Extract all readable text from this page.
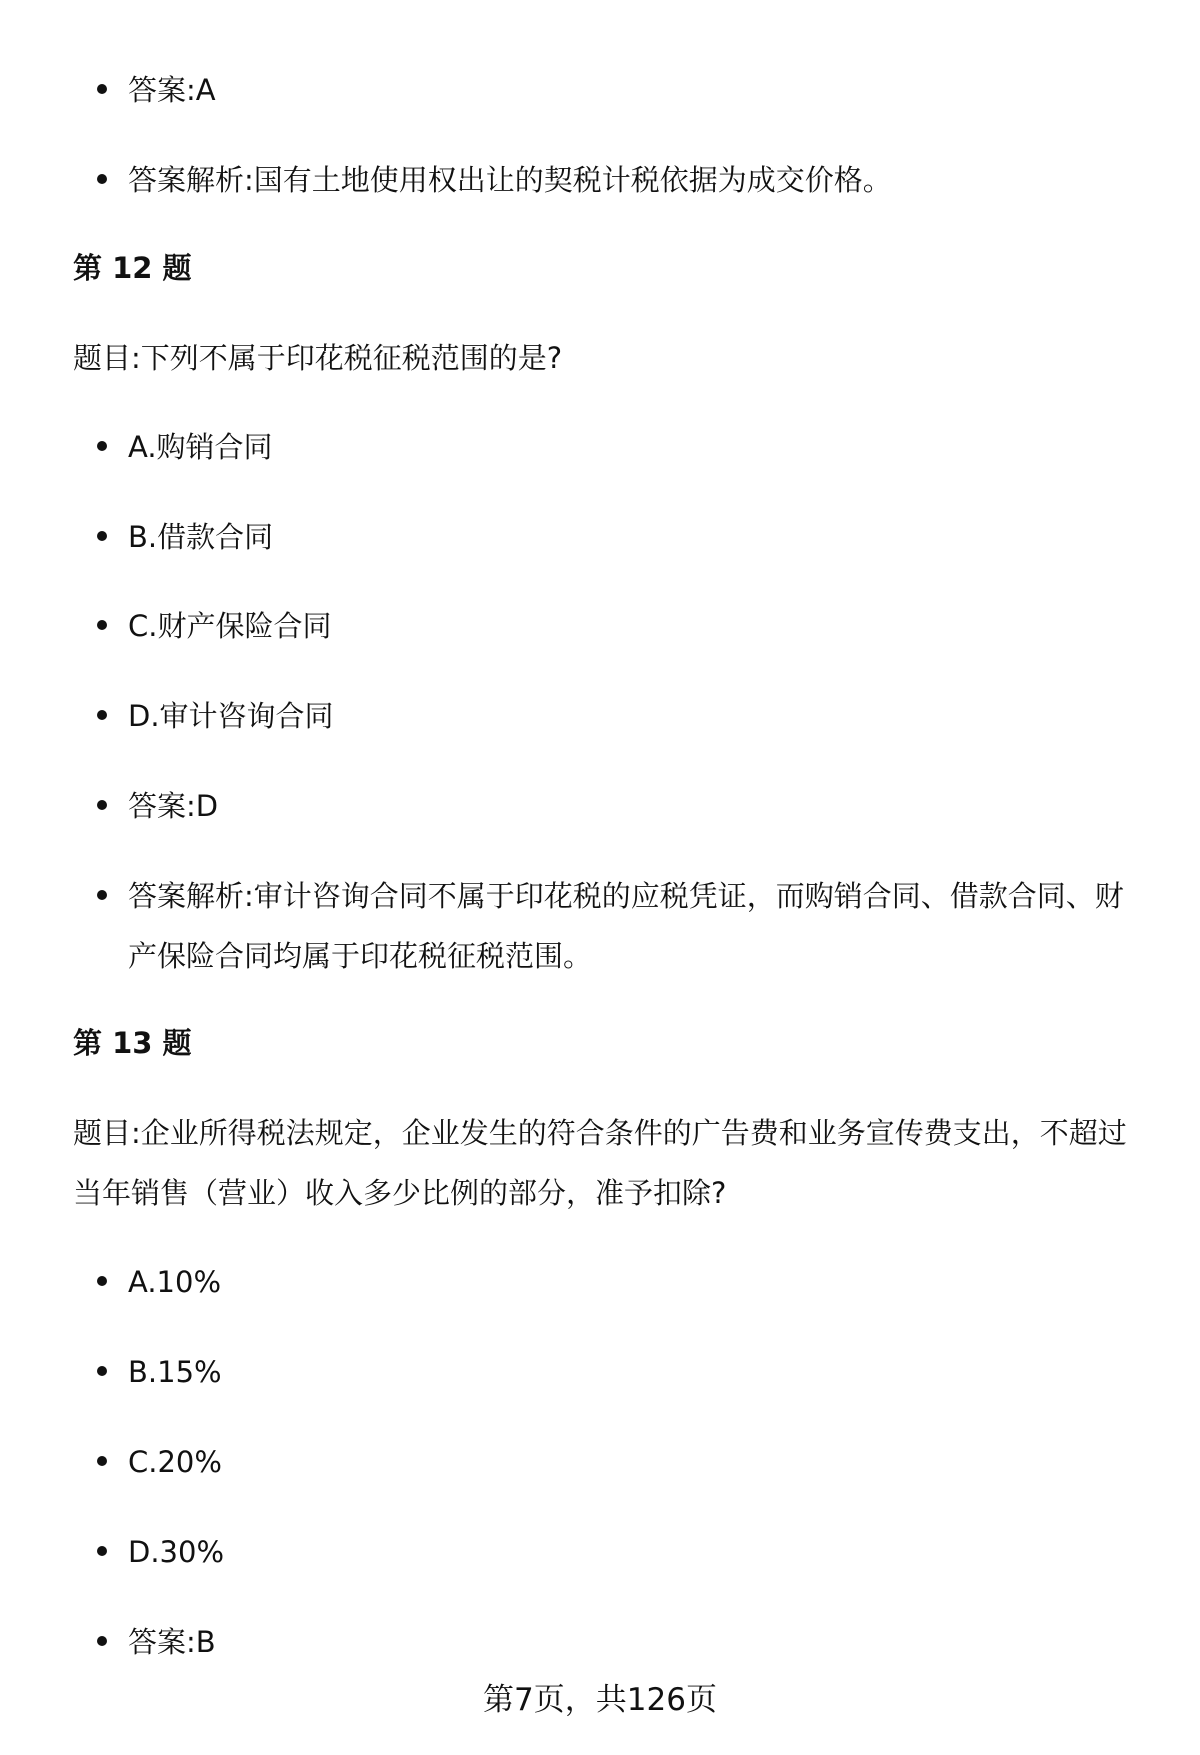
答案:A
答案解析:国有土地使用权出让的契税计税依据为成交价格。
第 12 题
题目:下列不属于印花税征税范围的是?
A.购销合同
B.借款合同
C.财产保险合同
D.审计咨询合同
答案:D
答案解析:审计咨询合同不属于印花税的应税凭证，而购销合同、借款合同、财
产保险合同均属于印花税征税范围。
第 13 题
题目:企业所得税法规定，企业发生的符合条件的广告费和业务宣传费支出，不超过
当年销售（营业）收入多少比例的部分，准予扣除?
A.10%
B.15%
C.20%
D.30%
答案:B
第7页，共126页
